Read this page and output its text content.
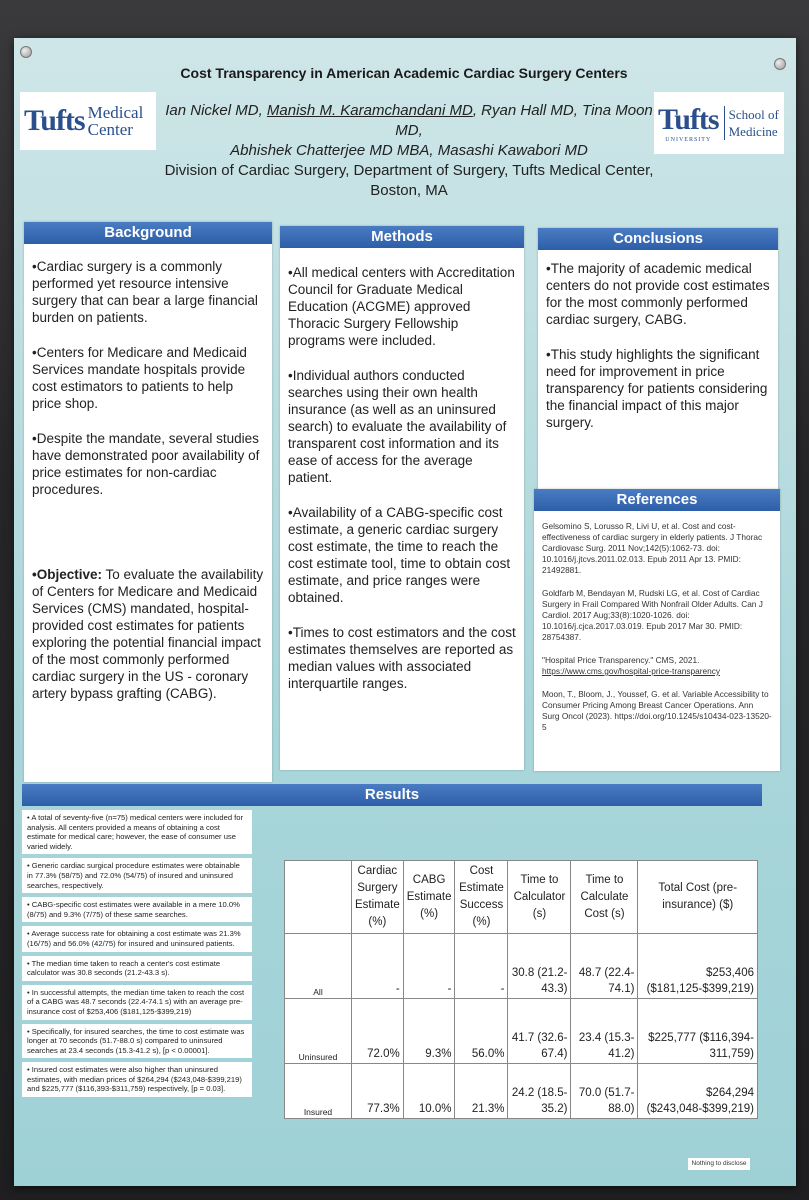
Tufts Medical
Center
Cost Transparency in American Academic Cardiac Surgery Centers
Ian Nickel MD, Manish M. Karamchandani MD, Ryan Hall MD, Tina Moon MD,
Abhishek Chatterjee MD MBA, Masashi Kawabori MD
Division of Cardiac Surgery, Department of Surgery, Tufts Medical Center, Boston, MA
Tufts
UNIVERSITY
School of
Medicine
Background

•Cardiac surgery is a commonly performed yet resource intensive surgery that can bear a large financial burden on patients.

•Centers for Medicare and Medicaid Services mandate hospitals provide cost estimators to patients to help price shop.

•Despite the mandate, several studies have demonstrated poor availability of price estimates for non-cardiac procedures.

•Objective: To evaluate the availability of Centers for Medicare and Medicaid Services (CMS) mandated, hospital-provided cost estimates for patients exploring the potential financial impact of the most commonly performed cardiac surgery in the US - coronary artery bypass grafting (CABG).

Methods

•All medical centers with Accreditation Council for Graduate Medical Education (ACGME) approved Thoracic Surgery Fellowship programs were included.

•Individual authors conducted searches using their own health insurance (as well as an uninsured search) to evaluate the availability of transparent cost information and its ease of access for the average patient.

•Availability of a CABG-specific cost estimate, a generic cardiac surgery cost estimate, the time to reach the cost estimate tool, time to obtain cost estimate, and price ranges were obtained.

•Times to cost estimators and the cost estimates themselves are reported as median values with associated interquartile ranges.

Conclusions

•The majority of academic medical centers do not provide cost estimates for the most commonly performed cardiac surgery, CABG.

•This study highlights the significant need for improvement in price transparency for patients considering the financial impact of this major surgery.

References

Gelsomino S, Lorusso R, Livi U, et al. Cost and cost-effectiveness of cardiac surgery in elderly patients. J Thorac Cardiovasc Surg. 2011 Nov;142(5):1062-73. doi: 10.1016/j.jtcvs.2011.02.013. Epub 2011 Apr 13. PMID: 21492881.

Goldfarb M, Bendayan M, Rudski LG, et al. Cost of Cardiac Surgery in Frail Compared With Nonfrail Older Adults. Can J Cardiol. 2017 Aug;33(8):1020-1026. doi: 10.1016/j.cjca.2017.03.019. Epub 2017 Mar 30. PMID: 28754387.

"Hospital Price Transparency." CMS, 2021.
https://www.cms.gov/hospital-price-transparency

Moon, T., Bloom, J., Youssef, G. et al. Variable Accessibility to Consumer Pricing Among Breast Cancer Operations. Ann Surg Oncol (2023). https://doi.org/10.1245/s10434-023-13520-5

Results
• A total of seventy-five (n=75) medical centers were included for analysis. All centers provided a means of obtaining a cost estimate for medical care; however, the ease of consumer use varied widely.
• Generic cardiac surgical procedure estimates were obtainable in 77.3% (58/75) and 72.0% (54/75) of insured and uninsured searches, respectively.
• CABG-specific cost estimates were available in a mere 10.0% (8/75) and 9.3% (7/75) of these same searches.
• Average success rate for obtaining a cost estimate was 21.3% (16/75) and 56.0% (42/75) for insured and uninsured patients.
• The median time taken to reach a center's cost estimate calculator was 30.8 seconds (21.2-43.3 s).
• In successful attempts, the median time taken to reach the cost of a CABG was 48.7 seconds (22.4-74.1 s) with an average pre-insurance cost of $253,406 ($181,125-$399,219)
• Specifically, for insured searches, the time to cost estimate was longer at 70 seconds (51.7-88.0 s) compared to uninsured searches at 23.4 seconds (15.3-41.2 s), [p < 0.00001].
• Insured cost estimates were also higher than uninsured estimates, with median prices of $264,294 ($243,048-$399,219) and $225,777 ($116,393-$311,759) respectively, [p = 0.03].
	Cardiac Surgery Estimate (%)	CABG Estimate (%)	Cost Estimate Success (%)	Time to Calculator (s)	Time to Calculate Cost (s)	Total Cost (pre-insurance) ($)
All	-	-	-	30.8 (21.2-43.3)	48.7 (22.4-74.1)	$253,406 ($181,125-$399,219)
Uninsured	72.0%	9.3%	56.0%	41.7 (32.6-67.4)	23.4 (15.3-41.2)	$225,777 ($116,394-311,759)
Insured	77.3%	10.0%	21.3%	24.2 (18.5-35.2)	70.0 (51.7-88.0)	$264,294 ($243,048-$399,219)
Nothing to disclose
